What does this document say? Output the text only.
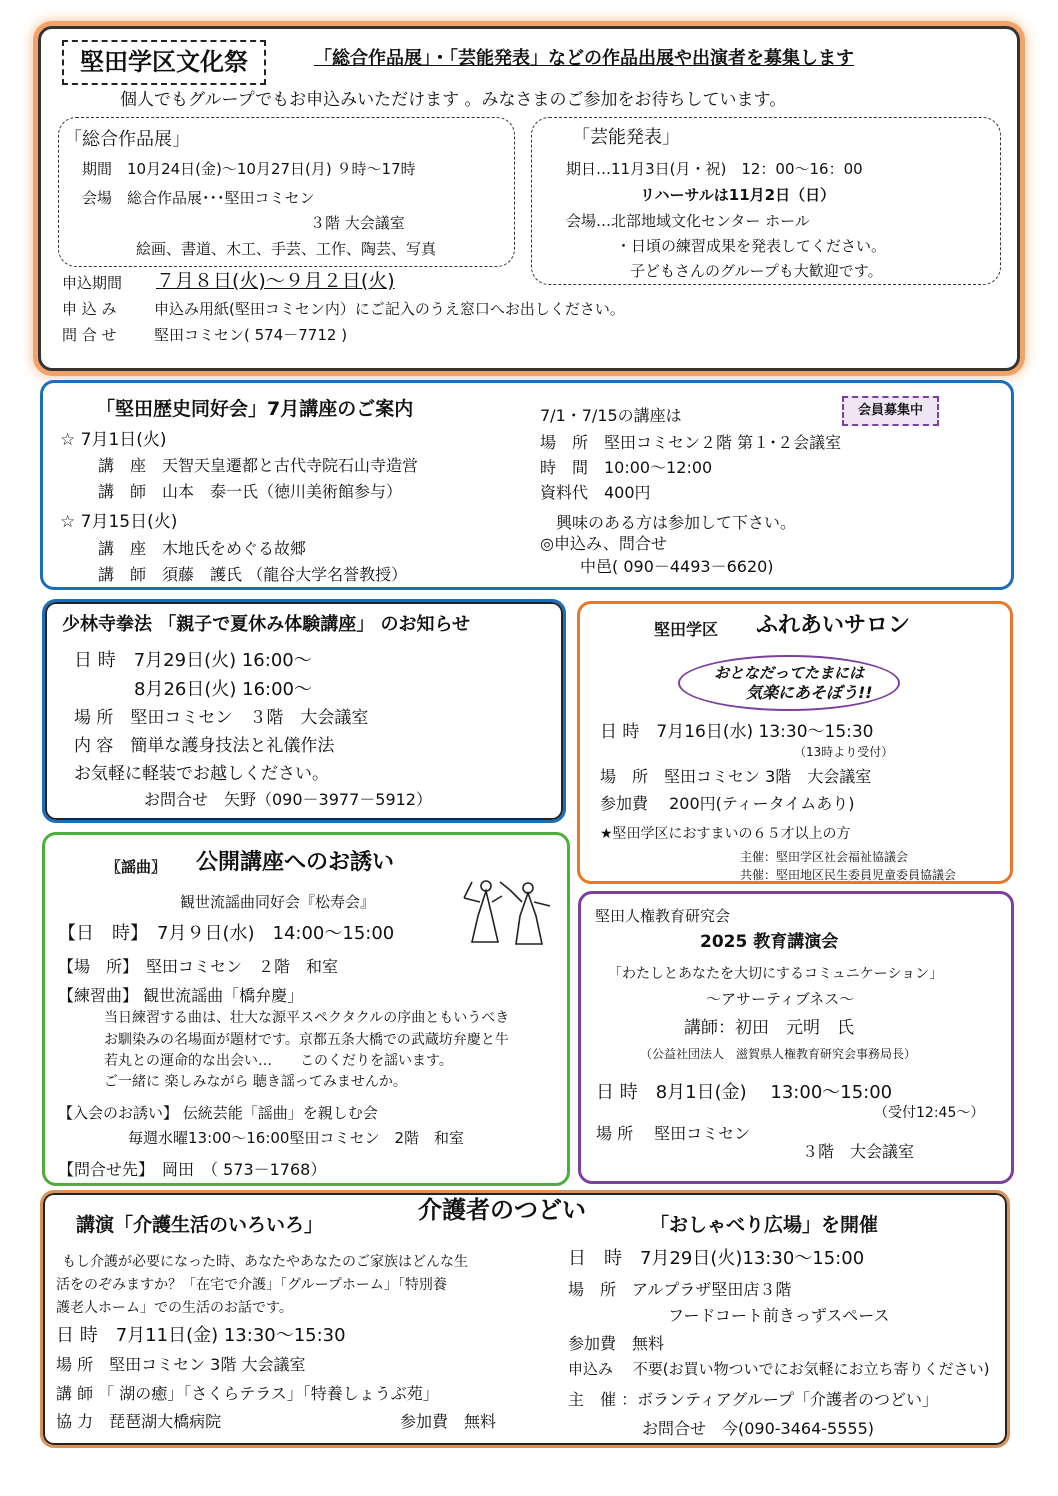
堅田学区文化祭	「総合作品展」・「芸能発表」などの作品出展や出演者を募集します
個人でもグループでもお申込みいただけます 。みなさまのご参加をお待ちしています。
「総合作品展」
期間　10月24日(金)～10月27日(月) ９時～17時
会場　総合作品展･･･堅田コミセン
３階 大会議室
絵画、書道、木工、手芸、工作、陶芸、写真
「芸能発表」
期日…11月3日(月・祝)　12：00～16：00
リハーサルは11月2日（日）
会場…北部地域文化センター ホール
・日頃の練習成果を発表してください。
子どもさんのグループも大歓迎です。
申込期間 ７月８日(火)～９月２日(火)
申 込 み 申込み用紙(堅田コミセン内）にご記入のうえ窓口へお出しください。
問 合 せ 堅田コミセン( 574－7712 )
「堅田歴史同好会」7月講座のご案内	会員募集中
☆ 7月1日(火)
講　座　天智天皇遷都と古代寺院石山寺造営
講　師　山本　泰一氏（徳川美術館参与）
☆ 7月15日(火)
講　座　木地氏をめぐる故郷
講　師　須藤　護氏 （龍谷大学名誉教授）
7/1・7/15の講座は
場　所　堅田コミセン２階 第１･２会議室
時　間　10:00～12:00
資料代　400円
興味のある方は参加して下さい。
◎申込み、問合せ
中邑( 090－4493－6620)
少林寺拳法 「親子で夏休み体験講座」 のお知らせ
日 時　7月29日(火) 16:00～
8月26日(火) 16:00～
場 所　堅田コミセン　３階　大会議室
内 容　簡単な護身技法と礼儀作法
お気軽に軽装でお越しください。
お問合せ　矢野（090－3977－5912）
堅田学区 ふれあいサロン
おとなだってたまには
気楽にあそぼう!!
日 時　7月16日(水) 13:30～15:30
（13時より受付）
場　所　堅田コミセン 3階　大会議室
参加費　 200円(ティータイムあり)
★堅田学区におすまいの６５才以上の方
主催：堅田学区社会福祉協議会
共催：堅田地区民生委員児童委員協議会
〖謡曲〗 公開講座へのお誘い
観世流謡曲同好会『松寿会』
【日　時】　7月９日(水)　14:00～15:00
【場　所】　堅田コミセン　２階　和室
【練習曲】 観世流謡曲「橋弁慶」
当日練習する曲は、壮大な源平スペクタクルの序曲ともいうべき
お馴染みの名場面が題材です。京都五条大橋での武蔵坊弁慶と牛
若丸との運命的な出会い…　　このくだりを謡います。
ご一緒に 楽しみながら 聴き謡ってみませんか。
【入会のお誘い】 伝統芸能「謡曲」を親しむ会
毎週水曜13:00～16:00堅田コミセン　2階　和室
【問合せ先】　岡田　（ 573－1768）
堅田人権教育研究会
2025 教育講演会
「わたしとあなたを大切にするコミュニケーション」
～アサーティブネス～
講師：初田　元明　氏
（公益社団法人　滋賀県人権教育研究会事務局長）
日 時　8月1日(金)　 13:00～15:00
（受付12:45～）
場 所　 堅田コミセン
３階　大会議室
介護者のつどい
講演「介護生活のいろいろ」
もし介護が必要になった時、あなたやあなたのご家族はどんな生
活をのぞみますか？「在宅で介護」「グループホーム」「特別養
護老人ホーム」での生活のお話です。
日 時　7月11日(金) 13:30～15:30
場 所　堅田コミセン 3階 大会議室
講 師 「 湖の癒」「さくらテラス」「特養しょうぶ苑」
協 力　琵琶湖大橋病院	参加費　無料
「おしゃべり広場」を開催
日　時　7月29日(火)13:30～15:00
場　所　アルプラザ堅田店３階
フードコート前きっずスペース
参加費　無料
申込み　 不要(お買い物ついでにお気軽にお立ち寄りください)
主　催 ：ボランティアグループ「介護者のつどい」
お問合せ　今(090-3464-5555)
